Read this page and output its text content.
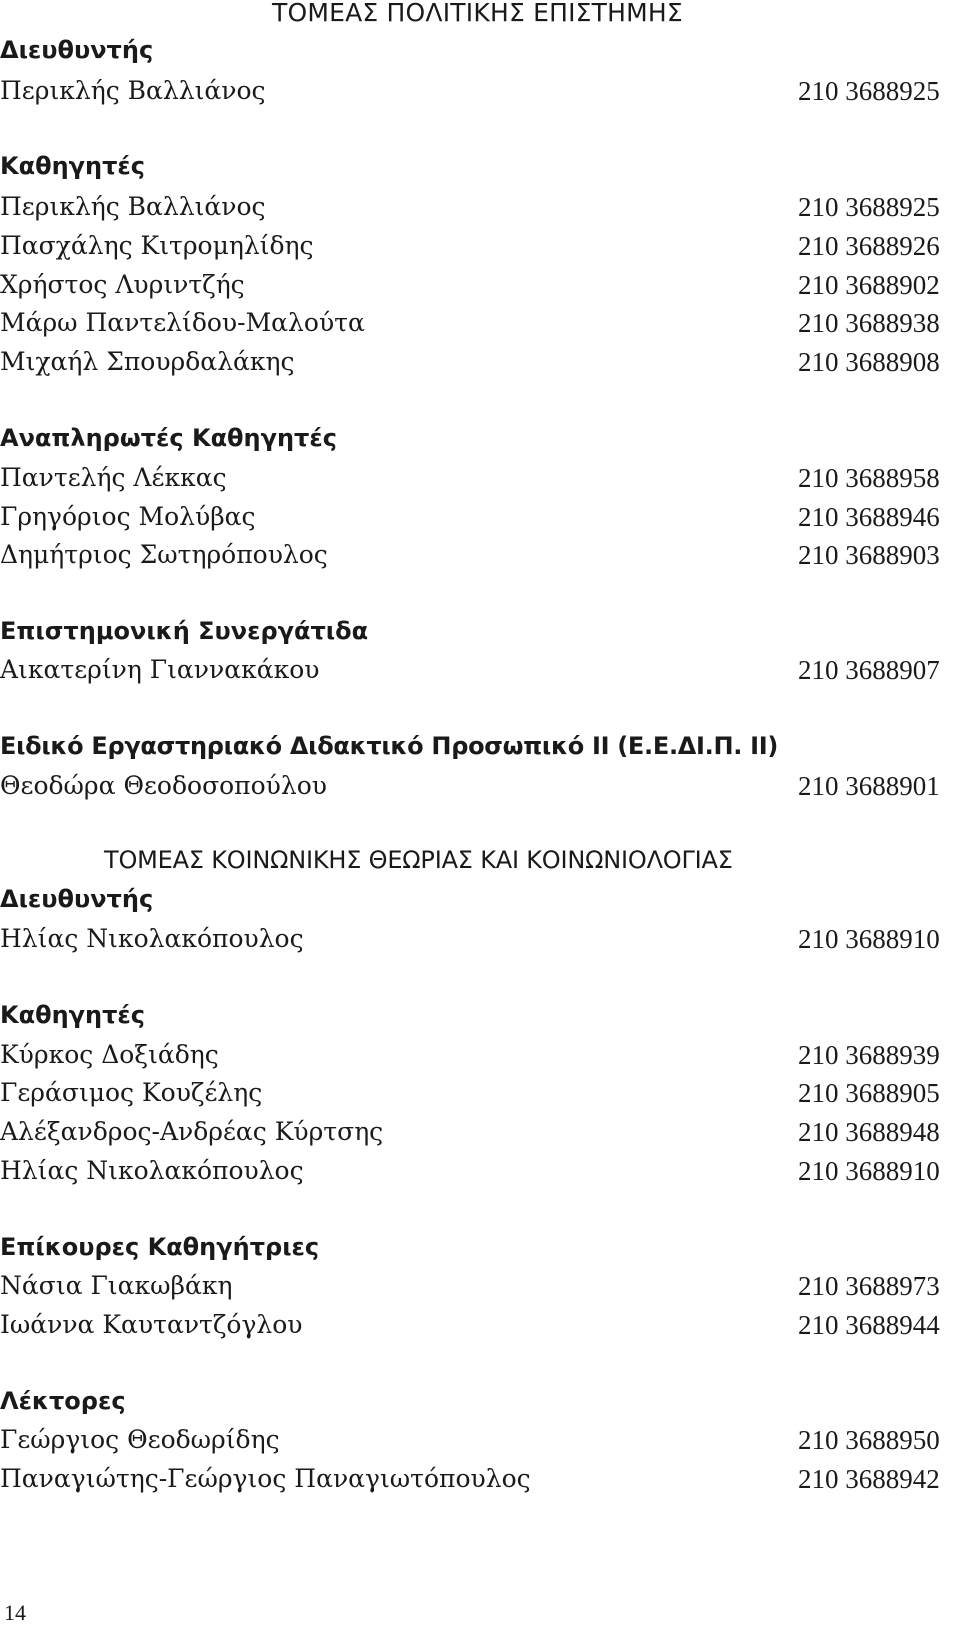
ΤΟΜΕΑΣ ΠΟΛΙΤΙΚΗΣ ΕΠΙΣΤΗΜΗΣ
Διευθυντής
Περικλής Βαλλιάνος	210 3688925
Καθηγητές
Περικλής Βαλλιάνος	210 3688925
Πασχάλης Κιτρομηλίδης	210 3688926
Χρήστος Λυριντζής	210 3688902
Μάρω Παντελίδου-Μαλούτα	210 3688938
Μιχαήλ Σπουρδαλάκης	210 3688908
Αναπληρωτές Καθηγητές
Παντελής Λέκκας	210 3688958
Γρηγόριος Μολύβας	210 3688946
Δημήτριος Σωτηρόπουλος	210 3688903
Επιστημονική Συνεργάτιδα
Αικατερίνη Γιαννακάκου	210 3688907
Ειδικό Εργαστηριακό Διδακτικό Προσωπικό ΙΙ (Ε.Ε.ΔΙ.Π. ΙΙ)
Θεοδώρα Θεοδοσοπούλου	210 3688901
ΤΟΜΕΑΣ ΚΟΙΝΩΝΙΚΗΣ ΘΕΩΡΙΑΣ ΚΑΙ ΚΟΙΝΩΝΙΟΛΟΓΙΑΣ
Διευθυντής
Ηλίας Νικολακόπουλος	210 3688910
Καθηγητές
Κύρκος Δοξιάδης	210 3688939
Γεράσιμος Κουζέλης	210 3688905
Αλέξανδρος-Ανδρέας Κύρτσης	210 3688948
Ηλίας Νικολακόπουλος	210 3688910
Επίκουρες Καθηγήτριες
Νάσια Γιακωβάκη	210 3688973
Ιωάννα Καυταντζόγλου	210 3688944
Λέκτορες
Γεώργιος Θεοδωρίδης	210 3688950
Παναγιώτης-Γεώργιος Παναγιωτόπουλος	210 3688942
14
